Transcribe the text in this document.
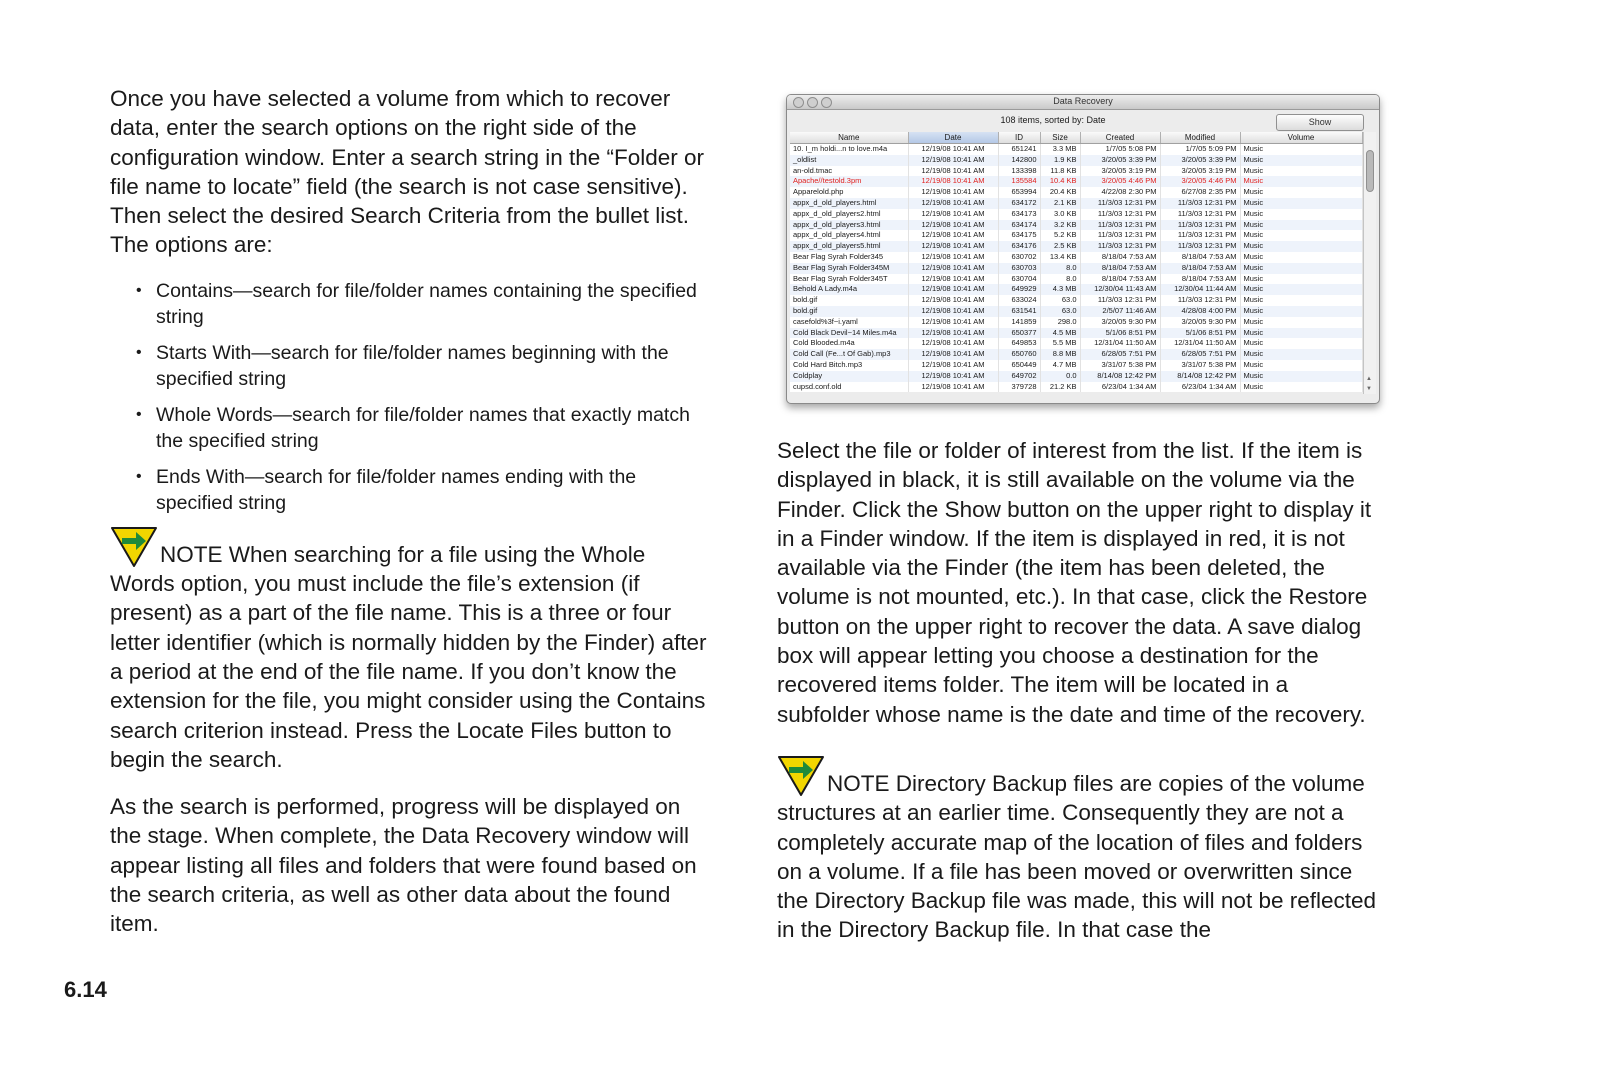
Once you have selected a volume from which to recover data, enter the search options on the right side of the configuration window. Enter a search string in the “Folder or file name to locate” field (the search is not case sensitive). Then select the desired Search Criteria from the bullet list. The options are:

• Contains—search for file/folder names containing the specified string
• Starts With—search for file/folder names beginning with the specified string
• Whole Words—search for file/folder names that exactly match the specified string
• Ends With—search for file/folder names ending with the specified string

NOTE When searching for a file using the Whole Words option, you must include the file’s extension (if present) as a part of the file name. This is a three or four letter identifier (which is normally hidden by the Finder) after a period at the end of the file name. If you don’t know the extension for the file, you might consider using the Contains search criterion instead. Press the Locate Files button to begin the search.

As the search is performed, progress will be displayed on the stage. When complete, the Data Recovery window will appear listing all files and folders that were found based on the search criteria, as well as other data about the found item.

Data Recovery
108 items, sorted by: Date	Show
Name	Date	ID	Size	Created	Modified	Volume
10. I_m holdi...n to love.m4a	12/19/08 10:41 AM	651241	3.3 MB	1/7/05 5:08 PM	1/7/05 5:09 PM	Music
_oldlist	12/19/08 10:41 AM	142800	1.9 KB	3/20/05 3:39 PM	3/20/05 3:39 PM	Music
an-old.tmac	12/19/08 10:41 AM	133398	11.8 KB	3/20/05 3:19 PM	3/20/05 3:19 PM	Music
Apache//testold.3pm	12/19/08 10:41 AM	135584	10.4 KB	3/20/05 4:46 PM	3/20/05 4:46 PM	Music
Apparelold.php	12/19/08 10:41 AM	653994	20.4 KB	4/22/08 2:30 PM	6/27/08 2:35 PM	Music
appx_d_old_players.html	12/19/08 10:41 AM	634172	2.1 KB	11/3/03 12:31 PM	11/3/03 12:31 PM	Music
appx_d_old_players2.html	12/19/08 10:41 AM	634173	3.0 KB	11/3/03 12:31 PM	11/3/03 12:31 PM	Music
appx_d_old_players3.html	12/19/08 10:41 AM	634174	3.2 KB	11/3/03 12:31 PM	11/3/03 12:31 PM	Music
appx_d_old_players4.html	12/19/08 10:41 AM	634175	5.2 KB	11/3/03 12:31 PM	11/3/03 12:31 PM	Music
appx_d_old_players5.html	12/19/08 10:41 AM	634176	2.5 KB	11/3/03 12:31 PM	11/3/03 12:31 PM	Music
Bear Flag Syrah Folder345	12/19/08 10:41 AM	630702	13.4 KB	8/18/04 7:53 AM	8/18/04 7:53 AM	Music
Bear Flag Syrah Folder345M	12/19/08 10:41 AM	630703	8.0	8/18/04 7:53 AM	8/18/04 7:53 AM	Music
Bear Flag Syrah Folder345T	12/19/08 10:41 AM	630704	8.0	8/18/04 7:53 AM	8/18/04 7:53 AM	Music
Behold A Lady.m4a	12/19/08 10:41 AM	649929	4.3 MB	12/30/04 11:43 AM	12/30/04 11:44 AM	Music
bold.gif	12/19/08 10:41 AM	633024	63.0	11/3/03 12:31 PM	11/3/03 12:31 PM	Music
bold.gif	12/19/08 10:41 AM	631541	63.0	2/5/07 11:46 AM	4/28/08 4:00 PM	Music
casefold%3f~i.yaml	12/19/08 10:41 AM	141859	298.0	3/20/05 9:30 PM	3/20/05 9:30 PM	Music
Cold Black Devil~14 Miles.m4a	12/19/08 10:41 AM	650377	4.5 MB	5/1/06 8:51 PM	5/1/06 8:51 PM	Music
Cold Blooded.m4a	12/19/08 10:41 AM	649853	5.5 MB	12/31/04 11:50 AM	12/31/04 11:50 AM	Music
Cold Call (Fe...t Of Gab).mp3	12/19/08 10:41 AM	650760	8.8 MB	6/28/05 7:51 PM	6/28/05 7:51 PM	Music
Cold Hard Bitch.mp3	12/19/08 10:41 AM	650449	4.7 MB	3/31/07 5:38 PM	3/31/07 5:38 PM	Music
Coldplay	12/19/08 10:41 AM	649702	0.0	8/14/08 12:42 PM	8/14/08 12:42 PM	Music
cupsd.conf.old	12/19/08 10:41 AM	379728	21.2 KB	6/23/04 1:34 AM	6/23/04 1:34 AM	Music
▲
▼

Select the file or folder of interest from the list. If the item is displayed in black, it is still available on the volume via the Finder. Click the Show button on the upper right to display it in a Finder window. If the item is displayed in red, it is not available via the Finder (the item has been deleted, the volume is not mounted, etc.). In that case, click the Restore button on the upper right to recover the data. A save dialog box will appear letting you choose a destination for the recovered items folder. The item will be located in a subfolder whose name is the date and time of the recovery.

NOTE Directory Backup files are copies of the volume structures at an earlier time. Consequently they are not a completely accurate map of the location of files and folders on a volume. If a file has been moved or overwritten since the Directory Backup file was made, this will not be reflected in the Directory Backup file. In that case the

6.14
